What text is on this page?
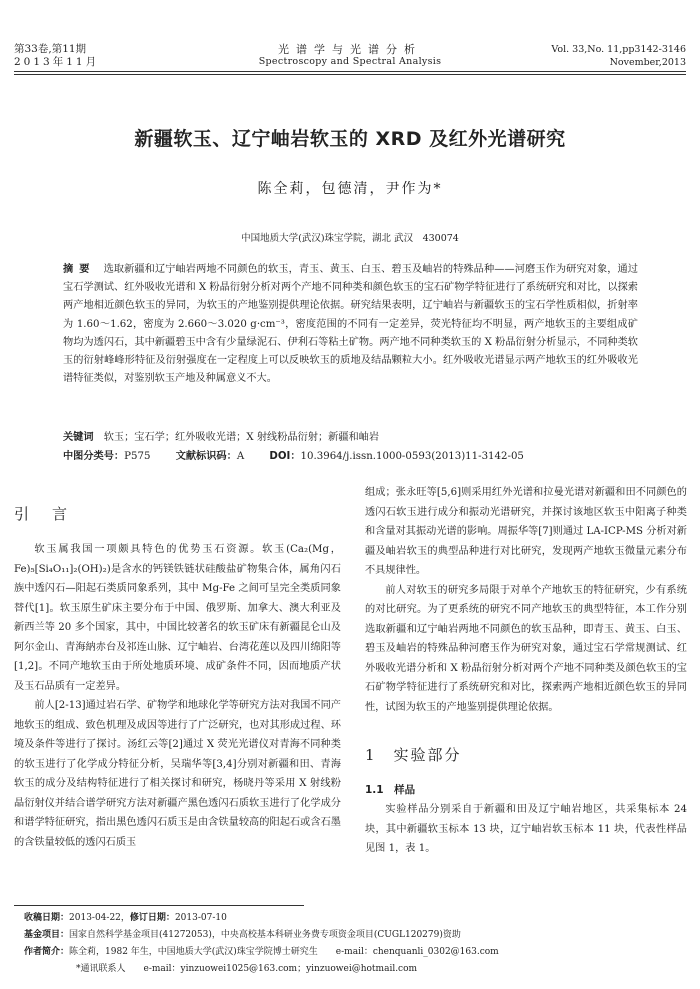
第33卷,第11期
2013年11月
光谱学与光谱分析
Spectroscopy and Spectral Analysis
Vol. 33,No. 11,pp3142-3146
November,2013
新疆软玉、辽宁岫岩软玉的 XRD 及红外光谱研究
陈全莉，包德清，尹作为*
中国地质大学(武汉)珠宝学院，湖北 武汉　430074
摘要 选取新疆和辽宁岫岩两地不同颜色的软玉，青玉、黄玉、白玉、碧玉及岫岩的特殊品种——河磨玉作为研究对象，通过宝石学测试、红外吸收光谱和 X 粉晶衍射分析对两个产地不同种类和颜色软玉的宝石矿物学特征进行了系统研究和对比，以探索两产地相近颜色软玉的异同，为软玉的产地鉴别提供理论依据。研究结果表明，辽宁岫岩与新疆软玉的宝石学性质相似，折射率为 1.60～1.62，密度为 2.660～3.020 g·cm⁻³，密度范围的不同有一定差异，荧光特征均不明显，两产地软玉的主要组成矿物均为透闪石，其中新疆碧玉中含有少量绿泥石、伊利石等粘土矿物。两产地不同种类软玉的 X 粉晶衍射分析显示，不同种类软玉的衍射峰峰形特征及衍射强度在一定程度上可以反映软玉的质地及结晶颗粒大小。红外吸收光谱显示两产地软玉的红外吸收光谱特征类似，对鉴别软玉产地及种属意义不大。
关键词　 软玉；宝石学；红外吸收光谱；X 射线粉晶衍射；新疆和岫岩
中图分类号：P575 文献标识码：A DOI：10.3964/j.issn.1000-0593(2013)11-3142-05
引　言

软玉属我国一项颇具特色的优势玉石资源。软玉(Ca₂(Mg，Fe)₅[Si₄O₁₁]₂(OH)₂)是含水的钙镁铁链状硅酸盐矿物集合体，属角闪石族中透闪石—阳起石类质同象系列，其中 Mg-Fe 之间可呈完全类质同象替代[1]。软玉原生矿床主要分布于中国、俄罗斯、加拿大、澳大利亚及新西兰等 20 多个国家，其中，中国比较著名的软玉矿床有新疆昆仑山及阿尔金山、青海納赤台及祁连山脉、辽宁岫岩、台湾花莲以及四川绵阳等[1,2]。不同产地软玉由于所处地质环境、成矿条件不同，因而地质产状及玉石品质有一定差异。

前人[2-13]通过岩石学、矿物学和地球化学等研究方法对我国不同产地软玉的组成、致色机理及成因等进行了广泛研究，也对其形成过程、环境及条件等进行了探讨。汤红云等[2]通过 X 荧光光谱仪对青海不同种类的软玉进行了化学成分特征分析，吴瑞华等[3,4]分别对新疆和田、青海软玉的成分及结构特征进行了相关探讨和研究，杨晓丹等采用 X 射线粉晶衍射仪并结合谱学研究方法对新疆产黑色透闪石质软玉进行了化学成分和谱学特征研究，指出黑色透闪石质玉是由含铁量较高的阳起石或含石墨的含铁量较低的透闪石质玉

组成；张永旺等[5,6]则采用红外光谱和拉曼光谱对新疆和田不同颜色的透闪石软玉进行成分和振动光谱研究，并探讨该地区软玉中阳离子种类和含量对其振动光谱的影响。周振华等[7]则通过 LA-ICP-MS 分析对新疆及岫岩软玉的典型品种进行对比研究，发现两产地软玉微量元素分布不具规律性。

前人对软玉的研究多局限于对单个产地软玉的特征研究，少有系统的对比研究。为了更系统的研究不同产地软玉的典型特征，本工作分别选取新疆和辽宁岫岩两地不同颜色的软玉品种，即青玉、黄玉、白玉、碧玉及岫岩的特殊品种河磨玉作为研究对象，通过宝石学常规测试、红外吸收光谱分析和 X 粉晶衍射分析对两个产地不同种类及颜色软玉的宝石矿物学特征进行了系统研究和对比，探索两产地相近颜色软玉的异同性，试图为软玉的产地鉴别提供理论依据。

1　实验部分
1.1　样品

实验样品分别采自于新疆和田及辽宁岫岩地区，共采集标本 24 块，其中新疆软玉标本 13 块，辽宁岫岩软玉标本 11 块，代表性样品见图 1，表 1。

收稿日期：2013-04-22，修订日期：2013-07-10
基金项目：国家自然科学基金项目(41272053)，中央高校基本科研业务费专项资金项目(CUGL120279)资助
作者简介：陈全莉，1982 年生，中国地质大学(武汉)珠宝学院博士研究生　　e-mail：chenquanli_0302@163.com
*通讯联系人　　e-mail：yinzuowei1025@163.com；yinzuowei@hotmail.com
